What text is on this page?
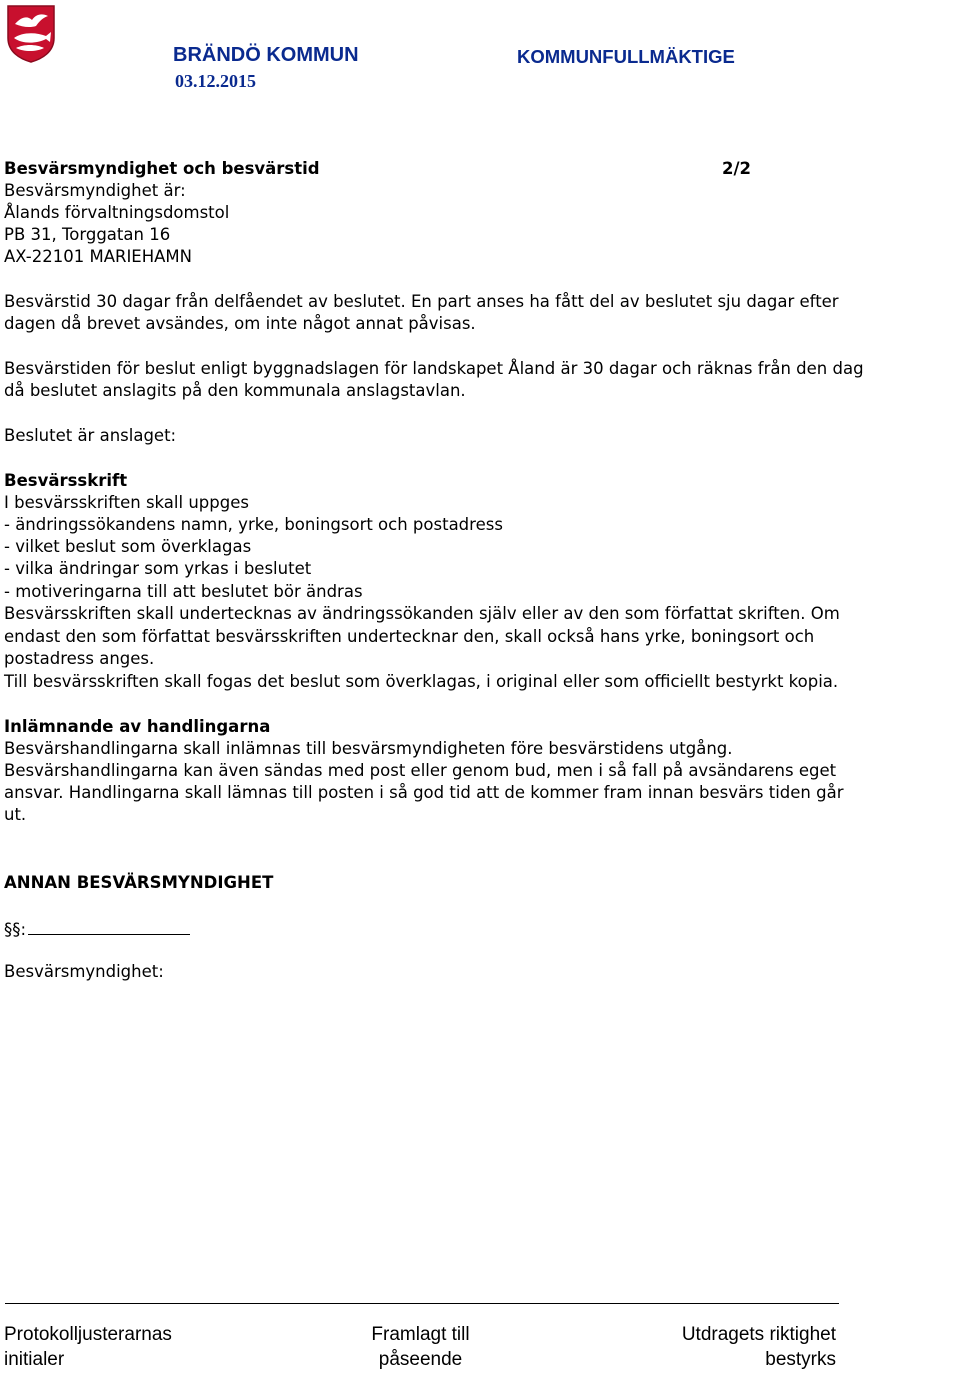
BRÄNDÖ KOMMUN
03.12.2015
KOMMUNFULLMÄKTIGE
Besvärsmyndighet och besvärstid	2/2
Besvärsmyndighet är:
Ålands förvaltningsdomstol
PB 31, Torggatan 16
AX-22101 MARIEHAMN
Besvärstid 30 dagar från delfåendet av beslutet. En part anses ha fått del av beslutet sju dagar efter
dagen då brevet avsändes, om inte något annat påvisas.
Besvärstiden för beslut enligt byggnadslagen för landskapet Åland är 30 dagar och räknas från den dag
då beslutet anslagits på den kommunala anslagstavlan.
Beslutet är anslaget:
Besvärsskrift
I besvärsskriften skall uppges
- ändringssökandens namn, yrke, boningsort och postadress
- vilket beslut som överklagas
- vilka ändringar som yrkas i beslutet
- motiveringarna till att beslutet bör ändras
Besvärsskriften skall undertecknas av ändringssökanden själv eller av den som författat skriften. Om
endast den som författat besvärsskriften undertecknar den, skall också hans yrke, boningsort och
postadress anges.
Till besvärsskriften skall fogas det beslut som överklagas, i original eller som officiellt bestyrkt kopia.
Inlämnande av handlingarna
Besvärshandlingarna skall inlämnas till besvärsmyndigheten före besvärstidens utgång.
Besvärshandlingarna kan även sändas med post eller genom bud, men i så fall på avsändarens eget
ansvar. Handlingarna skall lämnas till posten i så god tid att de kommer fram innan besvärs tiden går
ut.
ANNAN BESVÄRSMYNDIGHET
§§:
Besvärsmyndighet:
Protokolljusterarnas
initialer
Framlagt till
påseende
Utdragets riktighet
bestyrks
